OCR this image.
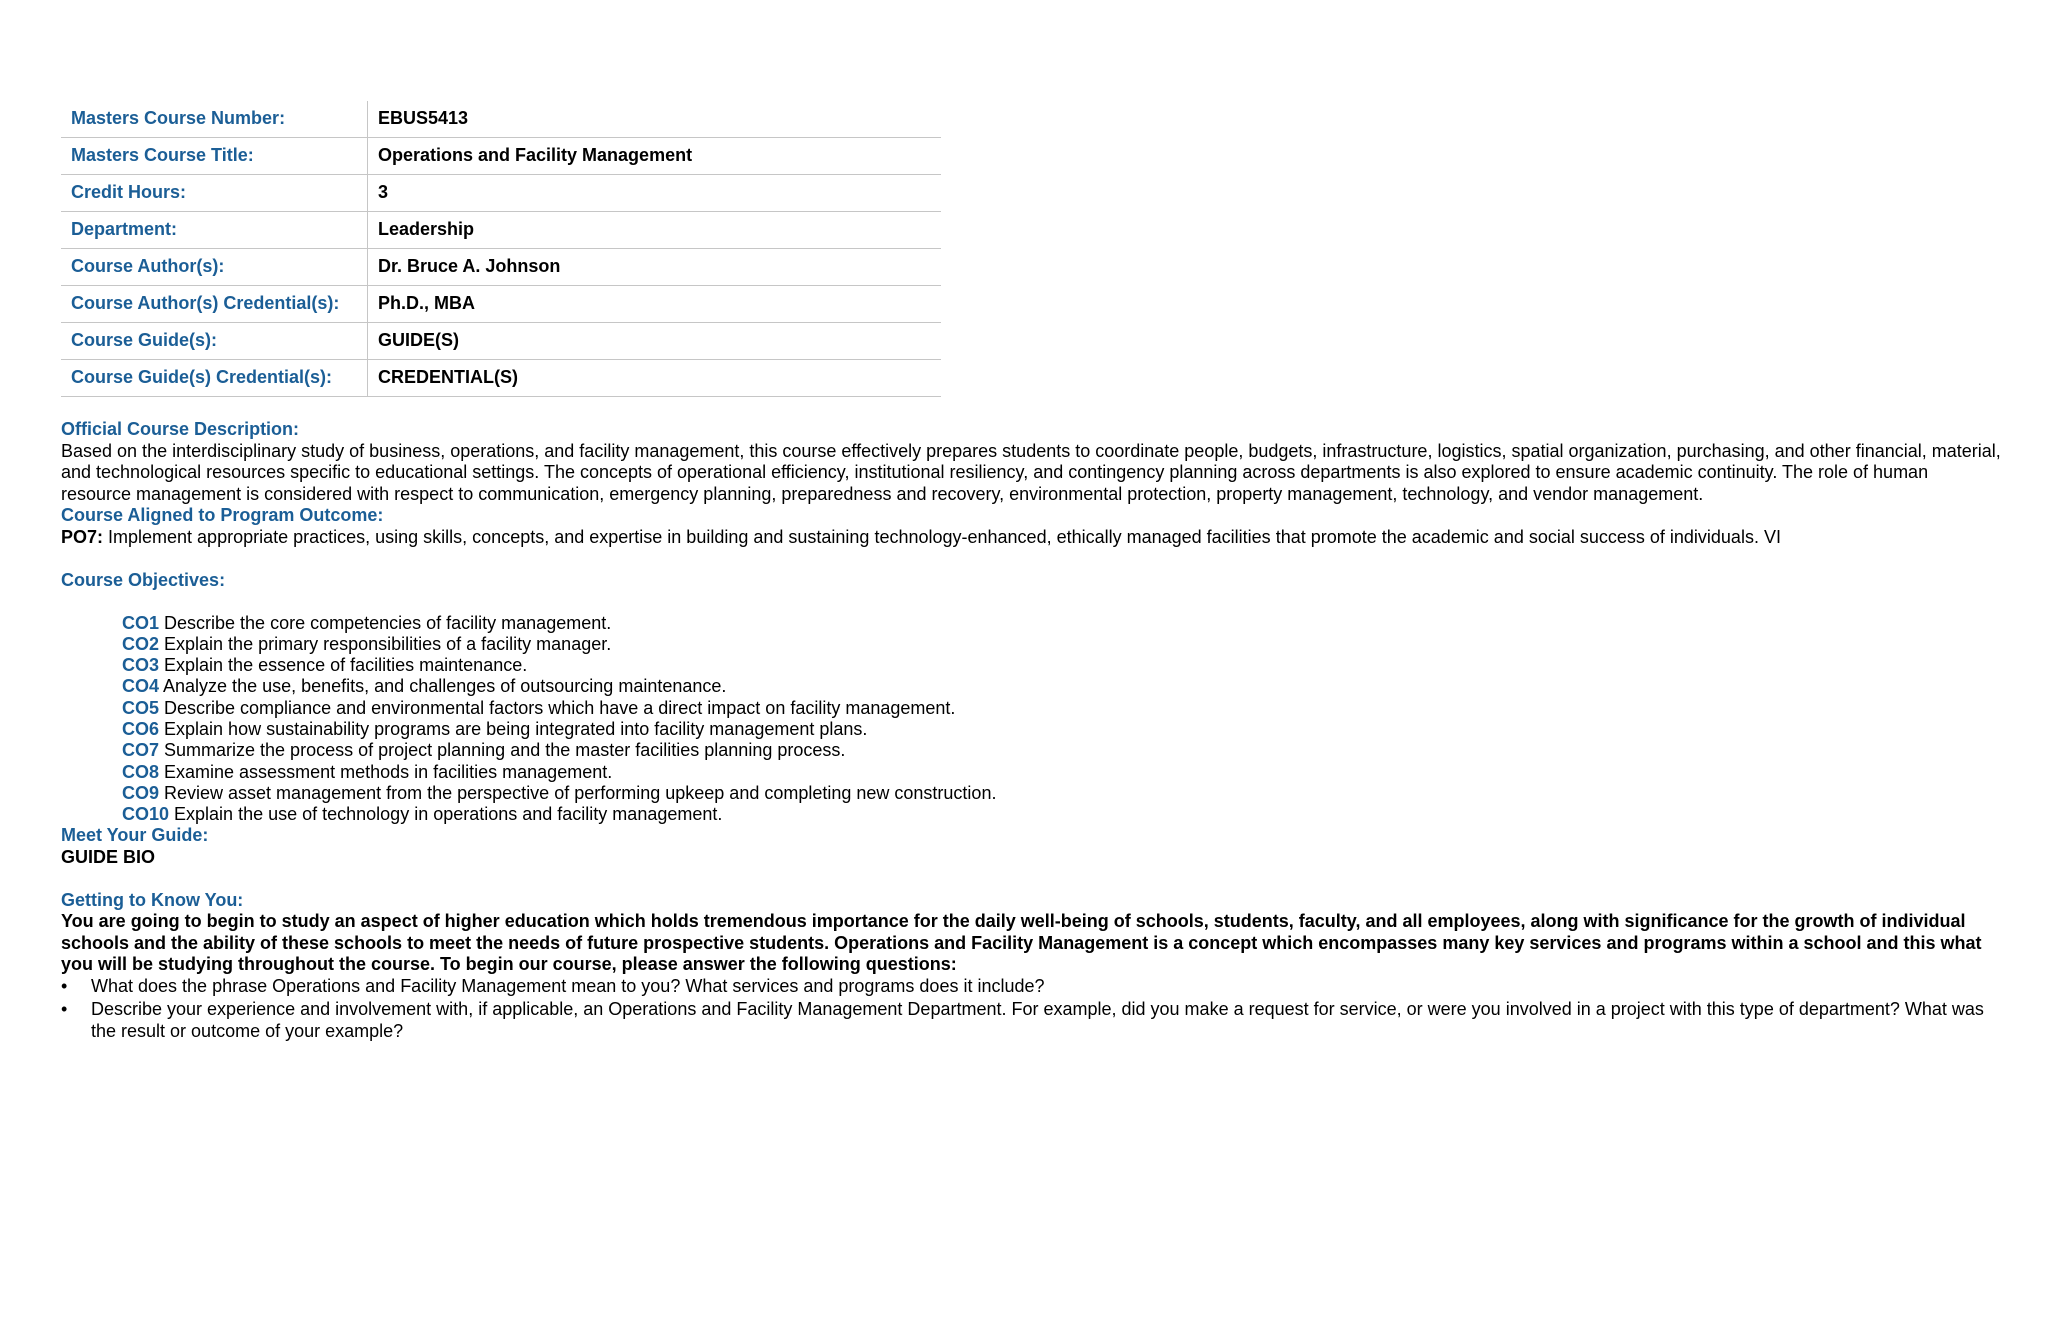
Masters Course Number:	EBUS5413
Masters Course Title:	Operations and Facility Management
Credit Hours:	3
Department:	Leadership
Course Author(s):	Dr. Bruce A. Johnson
Course Author(s) Credential(s):	Ph.D., MBA
Course Guide(s):	GUIDE(S)
Course Guide(s) Credential(s):	CREDENTIAL(S)
Official Course Description:
Based on the interdisciplinary study of business, operations, and facility management, this course effectively prepares students to coordinate people, budgets, infrastructure, logistics, spatial organization, purchasing, and other financial, material, and technological resources specific to educational settings. The concepts of operational efficiency, institutional resiliency, and contingency planning across departments is also explored to ensure academic continuity. The role of human resource management is considered with respect to communication, emergency planning, preparedness and recovery, environmental protection, property management, technology, and vendor management.
Course Aligned to Program Outcome:
PO7: Implement appropriate practices, using skills, concepts, and expertise in building and sustaining technology-enhanced, ethically managed facilities that promote the academic and social success of individuals. VI
Course Objectives:
CO1 Describe the core competencies of facility management.
CO2 Explain the primary responsibilities of a facility manager.
CO3 Explain the essence of facilities maintenance.
CO4 Analyze the use, benefits, and challenges of outsourcing maintenance.
CO5 Describe compliance and environmental factors which have a direct impact on facility management.
CO6 Explain how sustainability programs are being integrated into facility management plans.
CO7 Summarize the process of project planning and the master facilities planning process.
CO8 Examine assessment methods in facilities management.
CO9 Review asset management from the perspective of performing upkeep and completing new construction.
CO10 Explain the use of technology in operations and facility management.
Meet Your Guide:
GUIDE BIO
Getting to Know You:
You are going to begin to study an aspect of higher education which holds tremendous importance for the daily well-being of schools, students, faculty, and all employees, along with significance for the growth of individual schools and the ability of these schools to meet the needs of future prospective students. Operations and Facility Management is a concept which encompasses many key services and programs within a school and this what you will be studying throughout the course. To begin our course, please answer the following questions:
• What does the phrase Operations and Facility Management mean to you? What services and programs does it include?
• Describe your experience and involvement with, if applicable, an Operations and Facility Management Department. For example, did you make a request for service, or were you involved in a project with this type of department? What was the result or outcome of your example?
